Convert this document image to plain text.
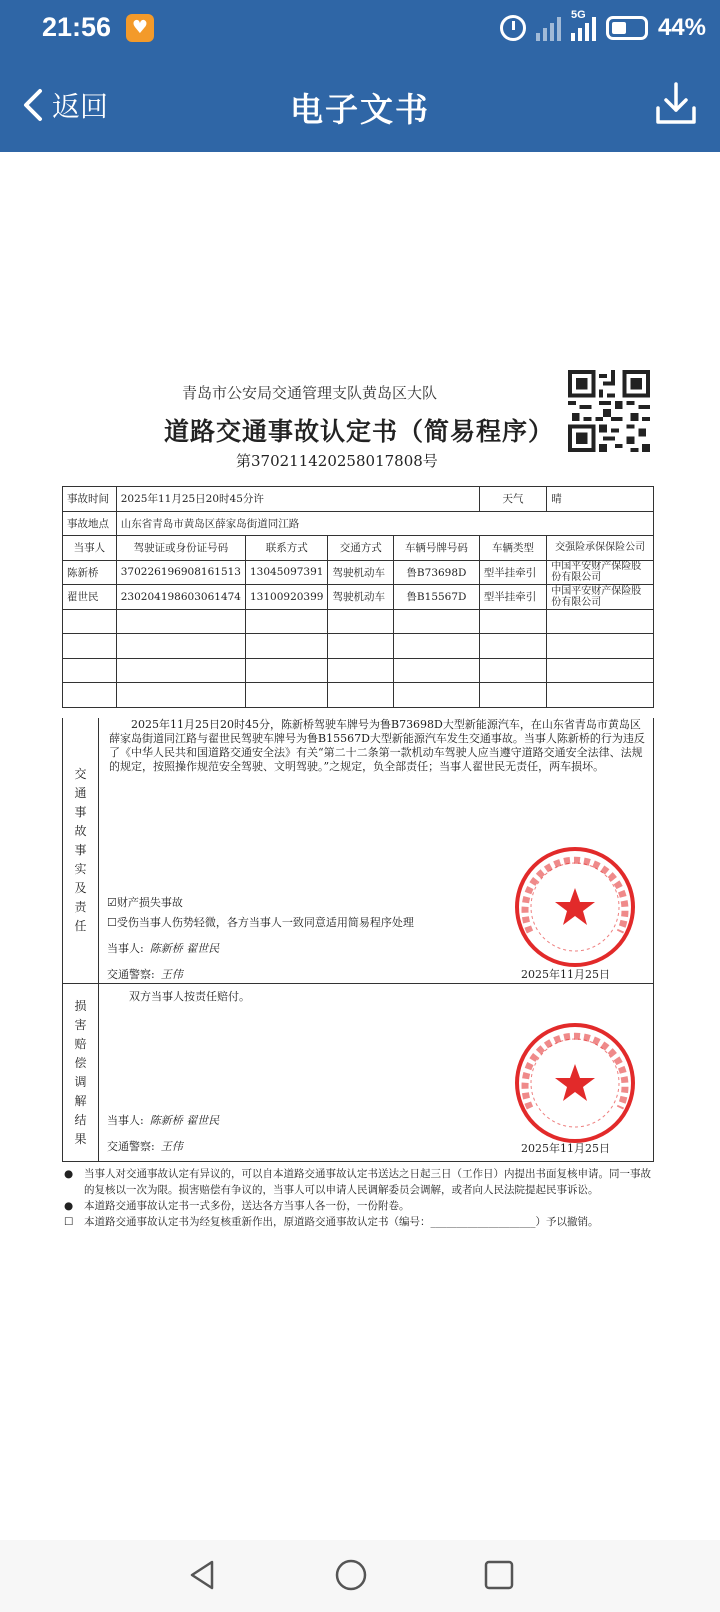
21:56	♥
5G	44%
返回	电子文书
青岛市公安局交通管理支队黄岛区大队
道路交通事故认定书（简易程序）
第370211420258017808号
事故时间	2025年11月25日20时45分许				天气	晴
事故地点	山东省青岛市黄岛区薛家岛街道同江路					
当事人	驾驶证或身份证号码	联系方式	交通方式	车辆号牌号码	车辆类型	交强险承保保险公司
陈新桥	370226196908161513	13045097391	驾驶机动车	鲁B73698D	型半挂牵引	中国平安财产保险股份有限公司
翟世民	230204198603061474	13100920399	驾驶机动车	鲁B15567D	型半挂牵引	中国平安财产保险股份有限公司

交
通
事
故
事
实
及
责
任
2025年11月25日20时45分，陈新桥驾驶车牌号为鲁B73698D大型新能源汽车，在山东省青岛市黄岛区薛家岛街道同江路与翟世民驾驶车牌号为鲁B15567D大型新能源汽车发生交通事故。当事人陈新桥的行为违反了《中华人民共和国道路交通安全法》有关“第二十二条第一款机动车驾驶人应当遵守道路交通安全法律、法规的规定，按照操作规范安全驾驶、文明驾驶。”之规定，负全部责任；当事人翟世民无责任，两车损坏。
☑财产损失事故
☐受伤当事人伤势轻微，各方当事人一致同意适用简易程序处理
当事人: 陈新桥 翟世民
交通警察: 王伟	2025年11月25日
损
害
赔
偿
调
解
结
果
双方当事人按责任赔付。
当事人: 陈新桥 翟世民
交通警察: 王伟	2025年11月25日
● 当事人对交通事故认定有异议的，可以自本道路交通事故认定书送达之日起三日（工作日）内提出书面复核申请。同一事故的复核以一次为限。损害赔偿有争议的，当事人可以申请人民调解委员会调解，或者向人民法院提起民事诉讼。
● 本道路交通事故认定书一式多份，送达各方当事人各一份，一份附卷。
☐ 本道路交通事故认定书为经复核重新作出，原道路交通事故认定书（编号：____________________）予以撤销。
